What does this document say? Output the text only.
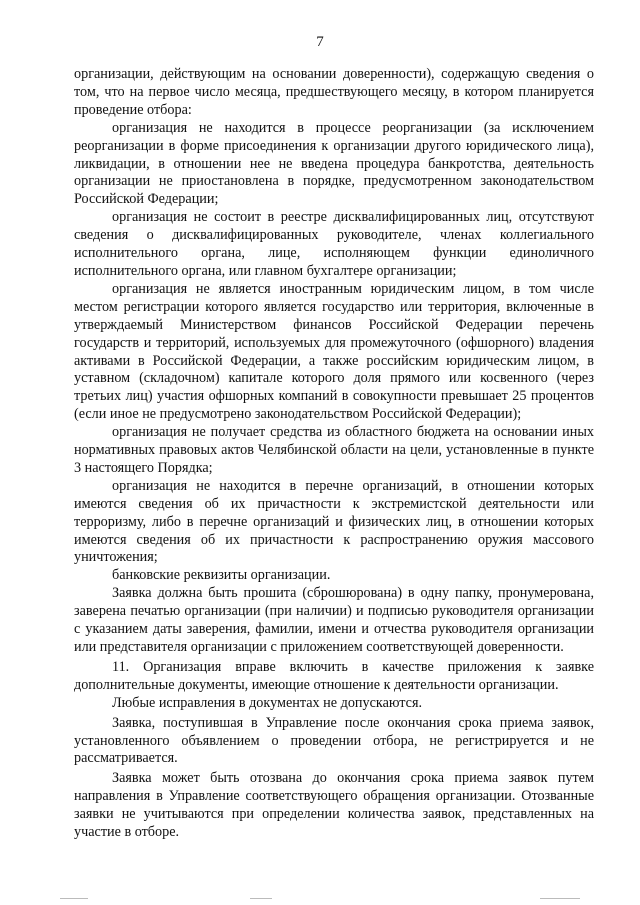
7

организации, действующим на основании доверенности), содержащую сведения о том, что на первое число месяца, предшествующего месяцу, в котором планируется проведение отбора:

организация не находится в процессе реорганизации (за исключением реорганизации в форме присоединения к организации другого юридического лица), ликвидации, в отношении нее не введена процедура банкротства, деятельность организации не приостановлена в порядке, предусмотренном законодательством Российской Федерации;

организация не состоит в реестре дисквалифицированных лиц, отсутствуют сведения о дисквалифицированных руководителе, членах коллегиального исполнительного органа, лице, исполняющем функции единоличного исполнительного органа, или главном бухгалтере организации;

организация не является иностранным юридическим лицом, в том числе местом регистрации которого является государство или территория, включенные в утверждаемый Министерством финансов Российской Федерации перечень государств и территорий, используемых для промежуточного (офшорного) владения активами в Российской Федерации, а также российским юридическим лицом, в уставном (складочном) капитале которого доля прямого или косвенного (через третьих лиц) участия офшорных компаний в совокупности превышает 25 процентов (если иное не предусмотрено законодательством Российской Федерации);

организация не получает средства из областного бюджета на основании иных нормативных правовых актов Челябинской области на цели, установленные в пункте 3 настоящего Порядка;

организация не находится в перечне организаций, в отношении которых имеются сведения об их причастности к экстремистской деятельности или терроризму, либо в перечне организаций и физических лиц, в отношении которых имеются сведения об их причастности к распространению оружия массового уничтожения;

банковские реквизиты организации.

Заявка должна быть прошита (сброшюрована) в одну папку, пронумерована, заверена печатью организации (при наличии) и подписью руководителя организации с указанием даты заверения, фамилии, имени и отчества руководителя организации или представителя организации с приложением соответствующей доверенности.

11. Организация вправе включить в качестве приложения к заявке дополнительные документы, имеющие отношение к деятельности организации.

Любые исправления в документах не допускаются.

Заявка, поступившая в Управление после окончания срока приема заявок, установленного объявлением о проведении отбора, не регистрируется и не рассматривается.

Заявка может быть отозвана до окончания срока приема заявок путем направления в Управление соответствующего обращения организации. Отозванные заявки не учитываются при определении количества заявок, представленных на участие в отборе.
